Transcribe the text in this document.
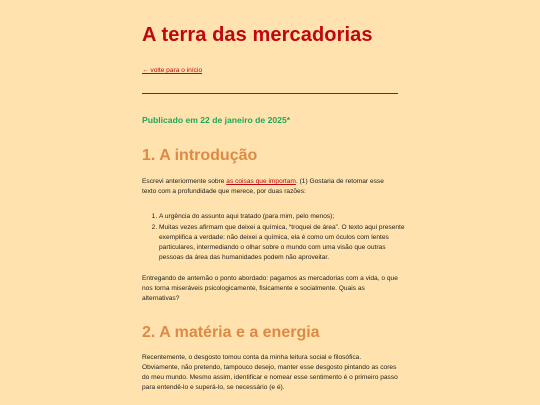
A terra das mercadorias
← volte para o início
Publicado em 22 de janeiro de 2025*
1. A introdução

Escrevi anteriormente sobre as coisas que importam. (1) Gostaria de retomar esse texto com a profundidade que merece, por duas razões:

1. A urgência do assunto aqui tratado (para mim, pelo menos);
2. Muitas vezes afirmam que deixei a química, “troquei de área”. O texto aqui presente exemplifica a verdade: não deixei a química, ela é como um óculos com lentes particulares, intermediando o olhar sobre o mundo com uma visão que outras pessoas da área das humanidades podem não aproveitar.

Entregando de antemão o ponto abordado: pagamos as mercadorias com a vida, o que nos torna miseráveis psicologicamente, fisicamente e socialmente. Quais as alternativas?

2. A matéria e a energia

Recentemente, o desgosto tomou conta da minha leitura social e filosófica. Obviamente, não pretendo, tampouco desejo, manter esse desgosto pintando as cores do meu mundo. Mesmo assim, identificar e nomear esse sentimento é o primeiro passo para entendê-lo e superá-lo, se necessário (e é).
